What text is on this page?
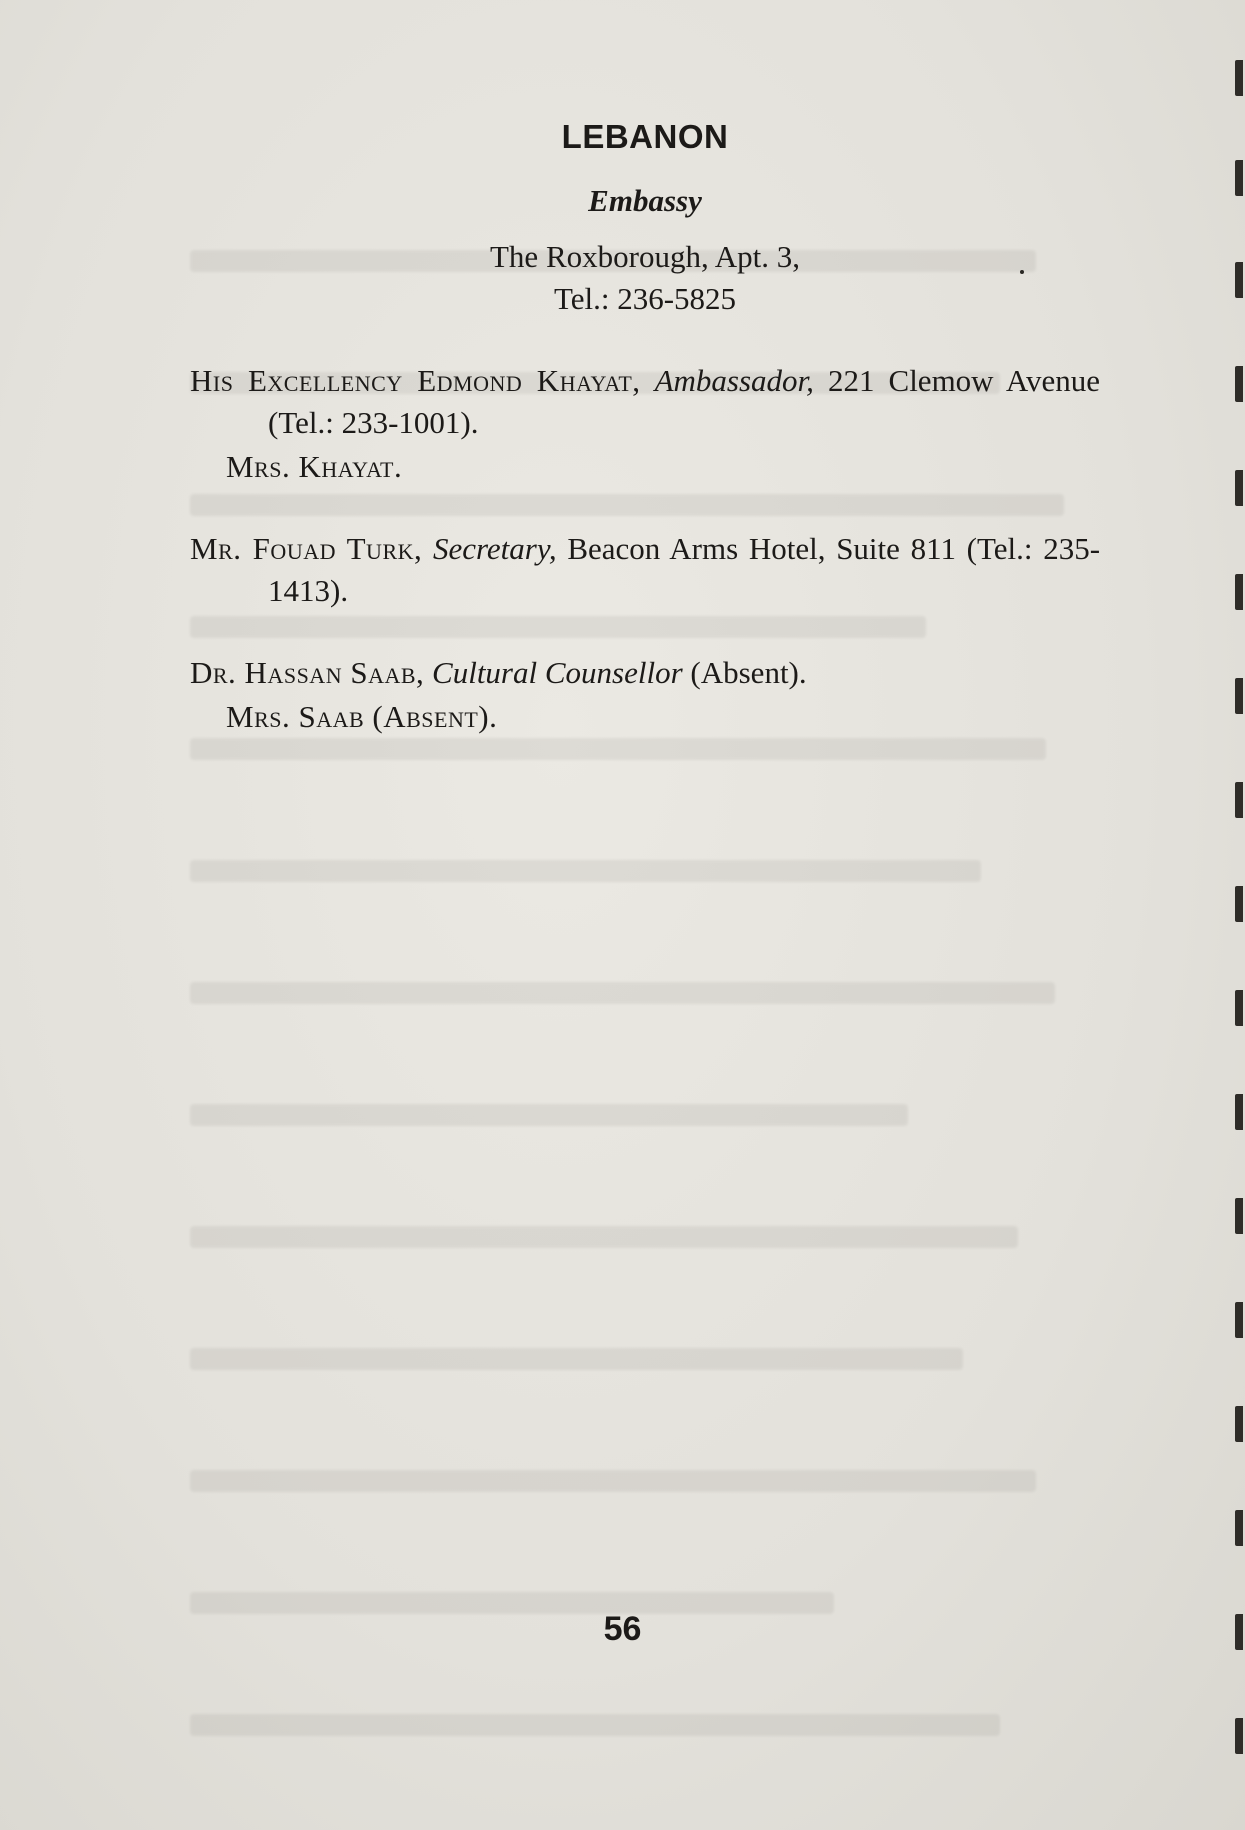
LEBANON
Embassy
The Roxborough, Apt. 3,
Tel.: 236-5825
His Excellency Edmond Khayat, Ambassador, 221 Clemow Avenue (Tel.: 233-1001).
Mrs. Khayat.
Mr. Fouad Turk, Secretary, Beacon Arms Hotel, Suite 811 (Tel.: 235-1413).
Dr. Hassan Saab, Cultural Counsellor (Absent).
Mrs. Saab (Absent).
56
